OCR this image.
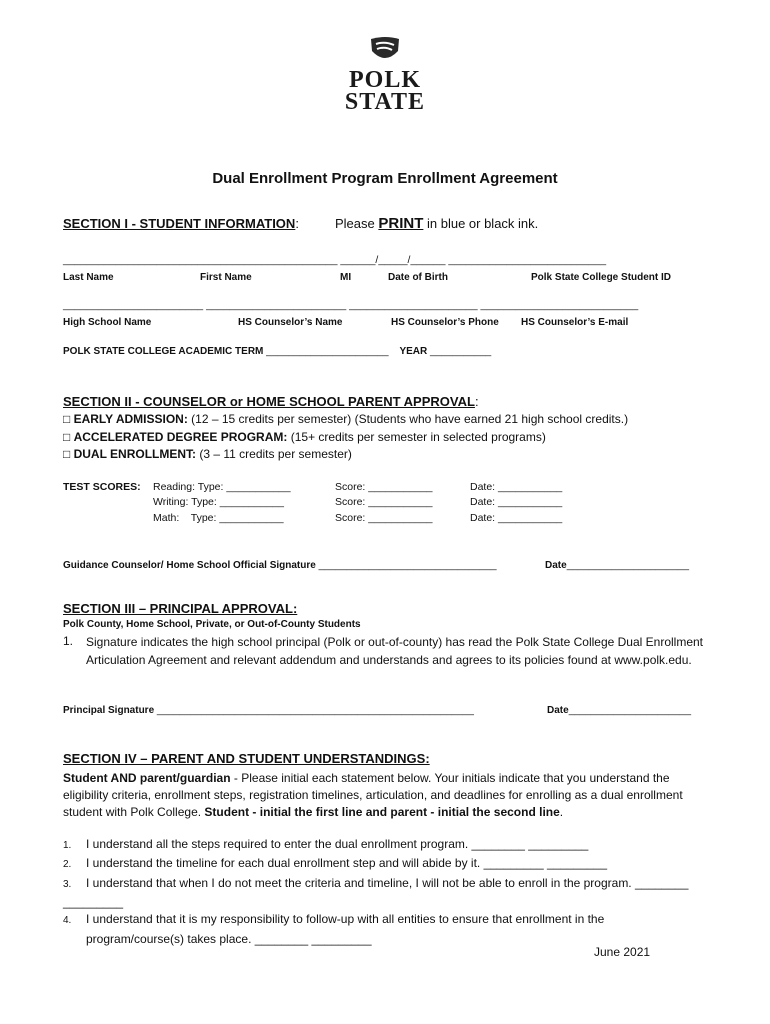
POLK
STATE
Dual Enrollment Program Enrollment Agreement
SECTION I - STUDENT INFORMATION:	Please PRINT in blue or black ink.
_______________________________________________ ______/_____/______ ___________________________
Last Name	First Name	MI	Date of Birth	Polk State College Student ID
________________________ ________________________ ______________________ ___________________________
High School Name	HS Counselor’s Name	HS Counselor’s Phone HS Counselor’s E-mail
POLK STATE COLLEGE ACADEMIC TERM ______________________ YEAR ___________
SECTION II - COUNSELOR or HOME SCHOOL PARENT APPROVAL:
□ EARLY ADMISSION: (12 – 15 credits per semester) (Students who have earned 21 high school credits.)
□ ACCELERATED DEGREE PROGRAM: (15+ credits per semester in selected programs)
□ DUAL ENROLLMENT: (3 – 11 credits per semester)
TEST SCORES: Reading: Type: ___________	Score: ___________	Date: ___________
Writing: Type: ___________	Score: ___________	Date: ___________
Math:    Type: ___________	Score: ___________	Date: ___________
Guidance Counselor/ Home School Official Signature ________________________________	Date______________________
SECTION III – PRINCIPAL APPROVAL:
Polk County, Home School, Private, or Out-of-County Students
1. Signature indicates the high school principal (Polk or out-of-county) has read the Polk State College Dual Enrollment Articulation Agreement and relevant addendum and understands and agrees to its policies found at www.polk.edu.
Principal Signature _________________________________________________________	Date______________________
SECTION IV – PARENT AND STUDENT UNDERSTANDINGS:
Student AND parent/guardian - Please initial each statement below. Your initials indicate that you understand the eligibility criteria, enrollment steps, registration timelines, articulation, and deadlines for enrolling as a dual enrollment student with Polk College. Student - initial the first line and parent - initial the second line.
1. I understand all the steps required to enter the dual enrollment program. ________ _________
2. I understand the timeline for each dual enrollment step and will abide by it. _________ _________
3. I understand that when I do not meet the criteria and timeline, I will not be able to enroll in the program. ________ _________
4. I understand that it is my responsibility to follow-up with all entities to ensure that enrollment in the program/course(s) takes place. ________ _________
June 2021
